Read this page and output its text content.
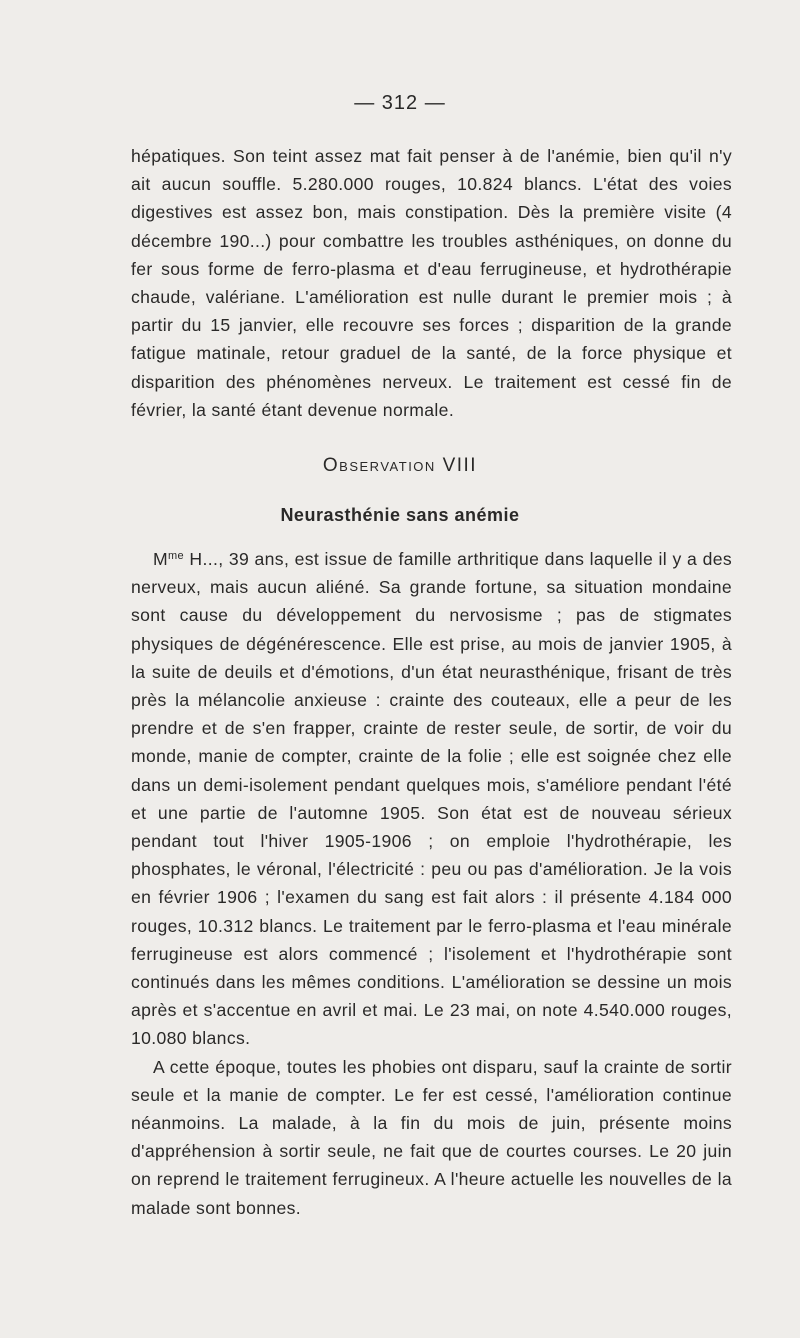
— 312 —

hépatiques. Son teint assez mat fait penser à de l'anémie, bien qu'il n'y ait aucun souffle. 5.280.000 rouges, 10.824 blancs. L'état des voies digestives est assez bon, mais constipation. Dès la première visite (4 décembre 190...) pour combattre les troubles asthéniques, on donne du fer sous forme de ferro-plasma et d'eau ferrugineuse, et hydrothérapie chaude, valériane. L'amélioration est nulle durant le premier mois ; à partir du 15 janvier, elle recouvre ses forces ; disparition de la grande fatigue matinale, retour graduel de la santé, de la force physique et disparition des phénomènes nerveux. Le traitement est cessé fin de février, la santé étant devenue normale.

Observation VIII
Neurasthénie sans anémie

$M^{me}$ H..., 39 ans, est issue de famille arthritique dans laquelle il y a des nerveux, mais aucun aliéné. Sa grande fortune, sa situation mondaine sont cause du développement du nervosisme ; pas de stigmates physiques de dégénérescence. Elle est prise, au mois de janvier 1905, à la suite de deuils et d'émotions, d'un état neurasthénique, frisant de très près la mélancolie anxieuse : crainte des couteaux, elle a peur de les prendre et de s'en frapper, crainte de rester seule, de sortir, de voir du monde, manie de compter, crainte de la folie ; elle est soignée chez elle dans un demi-isolement pendant quelques mois, s'améliore pendant l'été et une partie de l'automne 1905. Son état est de nouveau sérieux pendant tout l'hiver 1905-1906 ; on emploie l'hydrothérapie, les phosphates, le véronal, l'électricité : peu ou pas d'amélioration. Je la vois en février 1906 ; l'examen du sang est fait alors : il présente 4.184 000 rouges, 10.312 blancs. Le traitement par le ferro-plasma et l'eau minérale ferrugineuse est alors commencé ; l'isolement et l'hydrothérapie sont continués dans les mêmes conditions. L'amélioration se dessine un mois après et s'accentue en avril et mai. Le 23 mai, on note 4.540.000 rouges, 10.080 blancs.

A cette époque, toutes les phobies ont disparu, sauf la crainte de sortir seule et la manie de compter. Le fer est cessé, l'amélioration continue néanmoins. La malade, à la fin du mois de juin, présente moins d'appréhension à sortir seule, ne fait que de courtes courses. Le 20 juin on reprend le traitement ferrugineux. A l'heure actuelle les nouvelles de la malade sont bonnes.
